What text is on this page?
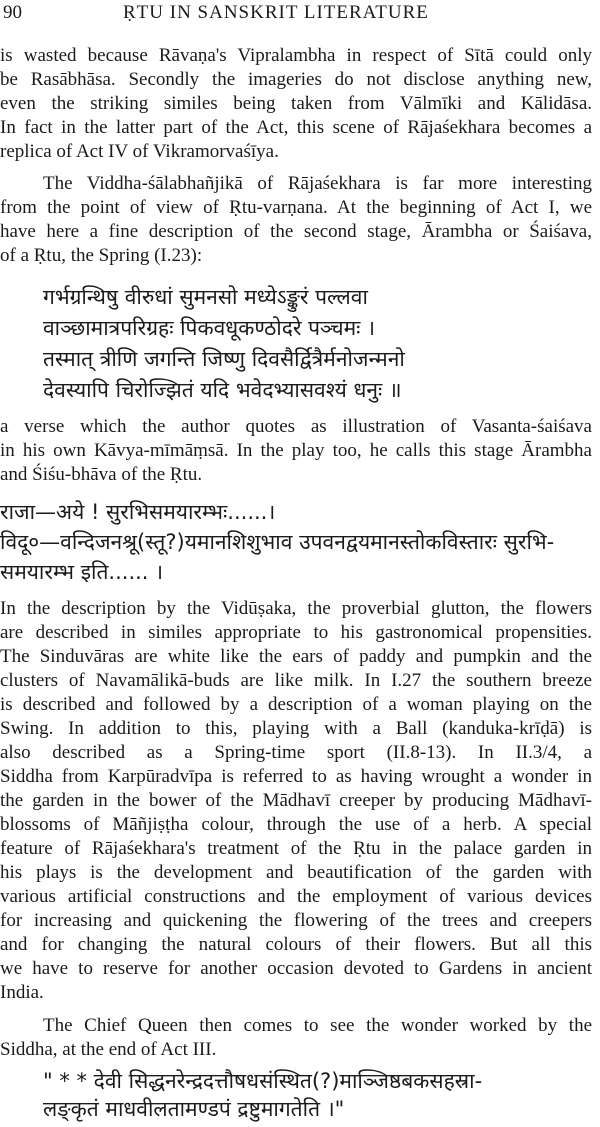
90	ṚTU IN SANSKRIT LITERATURE
is wasted because Rāvaṇa's Vipralambha in respect of Sītā could only
be Rasābhāsa. Secondly the imageries do not disclose anything new,
even the striking similes being taken from Vālmīki and Kālidāsa.
In fact in the latter part of the Act, this scene of Rājaśekhara becomes a
replica of Act IV of Vikramorvaśīya.
The Viddha-śālabhañjikā of Rājaśekhara is far more interesting
from the point of view of Ṛtu-varṇana. At the beginning of Act I, we
have here a fine description of the second stage, Ārambha or Śaiśava,
of a Ṛtu, the Spring (I.23):
गर्भग्रन्थिषु वीरुधां सुमनसो मध्येऽङ्कुरं पल्लवा
वाञ्छामात्रपरिग्रहः पिकवधूकण्ठोदरे पञ्चमः ।
तस्मात् त्रीणि जगन्ति जिष्णु दिवसैर्द्वित्रैर्मनोजन्मनो
देवस्यापि चिरोज्झितं यदि भवेदभ्यासवश्यं धनुः ॥
a verse which the author quotes as illustration of Vasanta-śaiśava
in his own Kāvya-mīmāṃsā. In the play too, he calls this stage Ārambha
and Śiśu-bhāva of the Ṛtu.
राजा—अये ! सुरभिसमयारम्भः......।
विदू०—वन्दिजनश्रू(स्तू?)यमानशिशुभाव उपवनद्वयमानस्तोकविस्तारः सुरभि-
समयारम्भ इति...... ।
In the description by the Vidūṣaka, the proverbial glutton, the flowers
are described in similes appropriate to his gastronomical propensities.
The Sinduvāras are white like the ears of paddy and pumpkin and the
clusters of Navamālikā-buds are like milk. In I.27 the southern breeze
is described and followed by a description of a woman playing on the
Swing. In addition to this, playing with a Ball (kanduka-krīḍā) is
also described as a Spring-time sport (II.8-13). In II.3/4, a
Siddha from Karpūradvīpa is referred to as having wrought a wonder in
the garden in the bower of the Mādhavī creeper by producing Mādhavī-
blossoms of Māñjiṣṭha colour, through the use of a herb. A special
feature of Rājaśekhara's treatment of the Ṛtu in the palace garden in
his plays is the development and beautification of the garden with
various artificial constructions and the employment of various devices
for increasing and quickening the flowering of the trees and creepers
and for changing the natural colours of their flowers. But all this
we have to reserve for another occasion devoted to Gardens in ancient
India.
The Chief Queen then comes to see the wonder worked by the
Siddha, at the end of Act III.
" * * देवी सिद्धनरेन्द्रदत्तौषधसंस्थित(?)माञ्जिष्ठबकसहस्रा-
लङ्कृतं माधवीलतामण्डपं द्रष्टुमागतेति ।"
